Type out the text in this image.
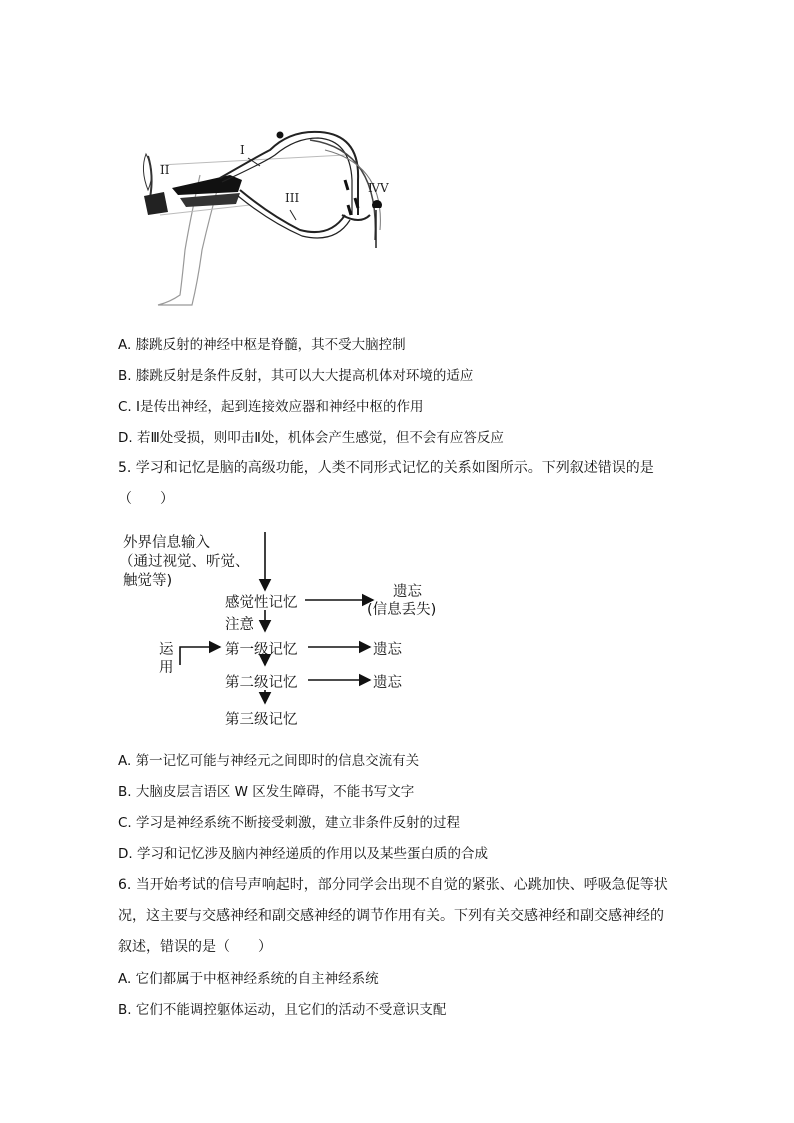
I
II
III
ⅣV
A. 膝跳反射的神经中枢是脊髓，其不受大脑控制
B. 膝跳反射是条件反射，其可以大大提高机体对环境的适应
C. Ⅰ是传出神经，起到连接效应器和神经中枢的作用
D. 若Ⅲ处受损，则叩击Ⅱ处，机体会产生感觉，但不会有应答反应
5. 学习和记忆是脑的高级功能，人类不同形式记忆的关系如图所示。下列叙述错误的是
（　　）
外界信息输入
（通过视觉、听觉、
触觉等)
感觉性记忆
注意
遗忘
(信息丢失)
运
用
第一级记忆	遗忘
第二级记忆	遗忘
第三级记忆
A. 第一记忆可能与神经元之间即时的信息交流有关
B. 大脑皮层言语区 W 区发生障碍，不能书写文字
C. 学习是神经系统不断接受刺激，建立非条件反射的过程
D. 学习和记忆涉及脑内神经递质的作用以及某些蛋白质的合成
6. 当开始考试的信号声响起时，部分同学会出现不自觉的紧张、心跳加快、呼吸急促等状
况，这主要与交感神经和副交感神经的调节作用有关。下列有关交感神经和副交感神经的
叙述，错误的是（　　）
A. 它们都属于中枢神经系统的自主神经系统
B. 它们不能调控躯体运动，且它们的活动不受意识支配
